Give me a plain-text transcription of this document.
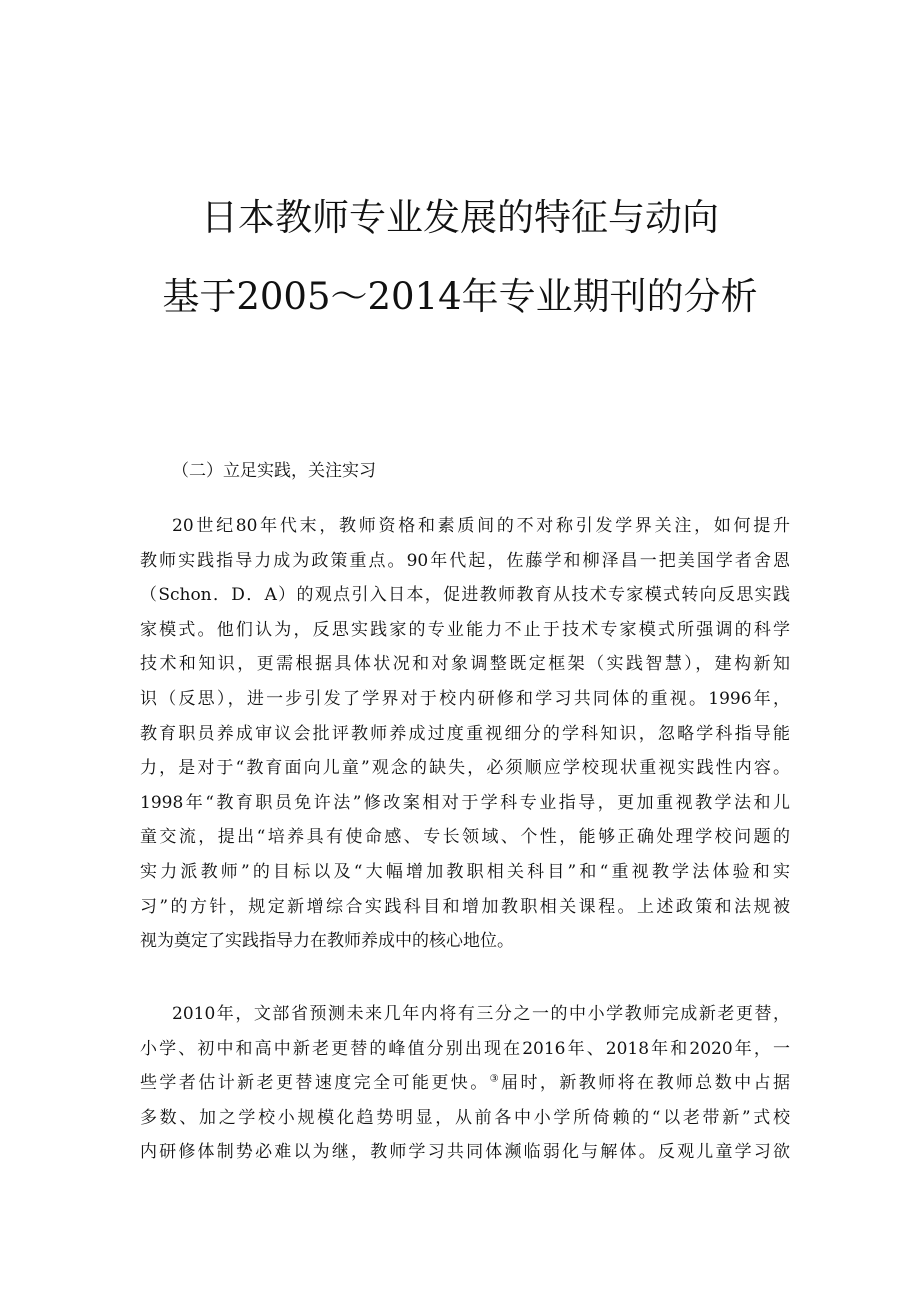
日本教师专业发展的特征与动向
基于2005～2014年专业期刊的分析
（二）立足实践，关注实习
20世纪80年代末，教师资格和素质间的不对称引发学界关注，如何提升
教师实践指导力成为政策重点。90年代起，佐藤学和柳泽昌一把美国学者舍恩
（Schon．D．A）的观点引入日本，促进教师教育从技术专家模式转向反思实践
家模式。他们认为，反思实践家的专业能力不止于技术专家模式所强调的科学
技术和知识，更需根据具体状况和对象调整既定框架（实践智慧），建构新知
识（反思），进一步引发了学界对于校内研修和学习共同体的重视。1996年，
教育职员养成审议会批评教师养成过度重视细分的学科知识，忽略学科指导能
力，是对于“教育面向儿童”观念的缺失，必须顺应学校现状重视实践性内容。
1998年“教育职员免许法”修改案相对于学科专业指导，更加重视教学法和儿
童交流，提出“培养具有使命感、专长领域、个性，能够正确处理学校问题的
实力派教师”的目标以及“大幅增加教职相关科目”和“重视教学法体验和实
习”的方针，规定新增综合实践科目和增加教职相关课程。上述政策和法规被
视为奠定了实践指导力在教师养成中的核心地位。
2010年，文部省预测未来几年内将有三分之一的中小学教师完成新老更替，
小学、初中和高中新老更替的峰值分别出现在2016年、2018年和2020年，一
些学者估计新老更替速度完全可能更快。③届时，新教师将在教师总数中占据
多数、加之学校小规模化趋势明显，从前各中小学所倚赖的“以老带新”式校
内研修体制势必难以为继，教师学习共同体濒临弱化与解体。反观儿童学习欲
